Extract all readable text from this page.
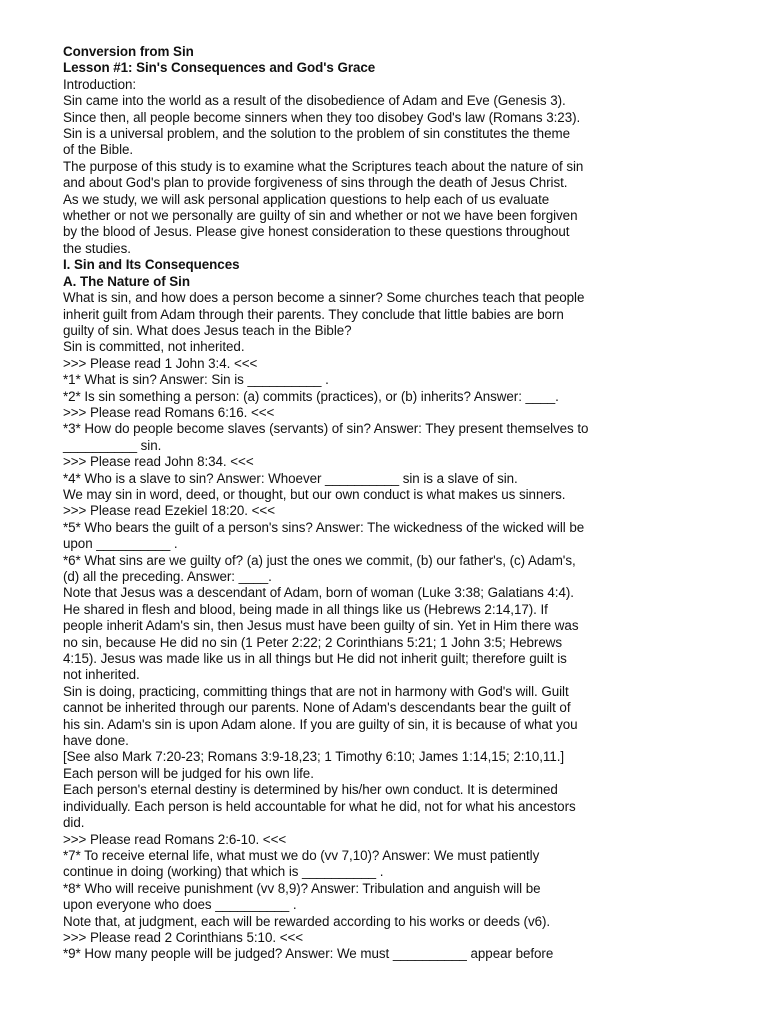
Conversion from Sin
Lesson #1: Sin's Consequences and God's Grace
Introduction:
Sin came into the world as a result of the disobedience of Adam and Eve (Genesis 3).
Since then, all people become sinners when they too disobey God's law (Romans 3:23).
Sin is a universal problem, and the solution to the problem of sin constitutes the theme
of the Bible.
The purpose of this study is to examine what the Scriptures teach about the nature of sin
and about God's plan to provide forgiveness of sins through the death of Jesus Christ.
As we study, we will ask personal application questions to help each of us evaluate
whether or not we personally are guilty of sin and whether or not we have been forgiven
by the blood of Jesus. Please give honest consideration to these questions throughout
the studies.
I. Sin and Its Consequences
A. The Nature of Sin
What is sin, and how does a person become a sinner? Some churches teach that people
inherit guilt from Adam through their parents. They conclude that little babies are born
guilty of sin. What does Jesus teach in the Bible?
Sin is committed, not inherited.
>>> Please read 1 John 3:4. <<<
*1* What is sin? Answer: Sin is __________ .
*2* Is sin something a person: (a) commits (practices), or (b) inherits? Answer: ____.
>>> Please read Romans 6:16. <<<
*3* How do people become slaves (servants) of sin? Answer: They present themselves to
__________ sin.
>>> Please read John 8:34. <<<
*4* Who is a slave to sin? Answer: Whoever __________ sin is a slave of sin.
We may sin in word, deed, or thought, but our own conduct is what makes us sinners.
>>> Please read Ezekiel 18:20. <<<
*5* Who bears the guilt of a person's sins? Answer: The wickedness of the wicked will be
upon __________ .
*6* What sins are we guilty of? (a) just the ones we commit, (b) our father's, (c) Adam's,
(d) all the preceding. Answer: ____.
Note that Jesus was a descendant of Adam, born of woman (Luke 3:38; Galatians 4:4).
He shared in flesh and blood, being made in all things like us (Hebrews 2:14,17). If
people inherit Adam's sin, then Jesus must have been guilty of sin. Yet in Him there was
no sin, because He did no sin (1 Peter 2:22; 2 Corinthians 5:21; 1 John 3:5; Hebrews
4:15). Jesus was made like us in all things but He did not inherit guilt; therefore guilt is
not inherited.
Sin is doing, practicing, committing things that are not in harmony with God's will. Guilt
cannot be inherited through our parents. None of Adam's descendants bear the guilt of
his sin. Adam's sin is upon Adam alone. If you are guilty of sin, it is because of what you
have done.
[See also Mark 7:20-23; Romans 3:9-18,23; 1 Timothy 6:10; James 1:14,15; 2:10,11.]
Each person will be judged for his own life.
Each person's eternal destiny is determined by his/her own conduct. It is determined
individually. Each person is held accountable for what he did, not for what his ancestors
did.
>>> Please read Romans 2:6-10. <<<
*7* To receive eternal life, what must we do (vv 7,10)? Answer: We must patiently
continue in doing (working) that which is __________ .
*8* Who will receive punishment (vv 8,9)? Answer: Tribulation and anguish will be
upon everyone who does __________ .
Note that, at judgment, each will be rewarded according to his works or deeds (v6).
>>> Please read 2 Corinthians 5:10. <<<
*9* How many people will be judged? Answer: We must __________ appear before
